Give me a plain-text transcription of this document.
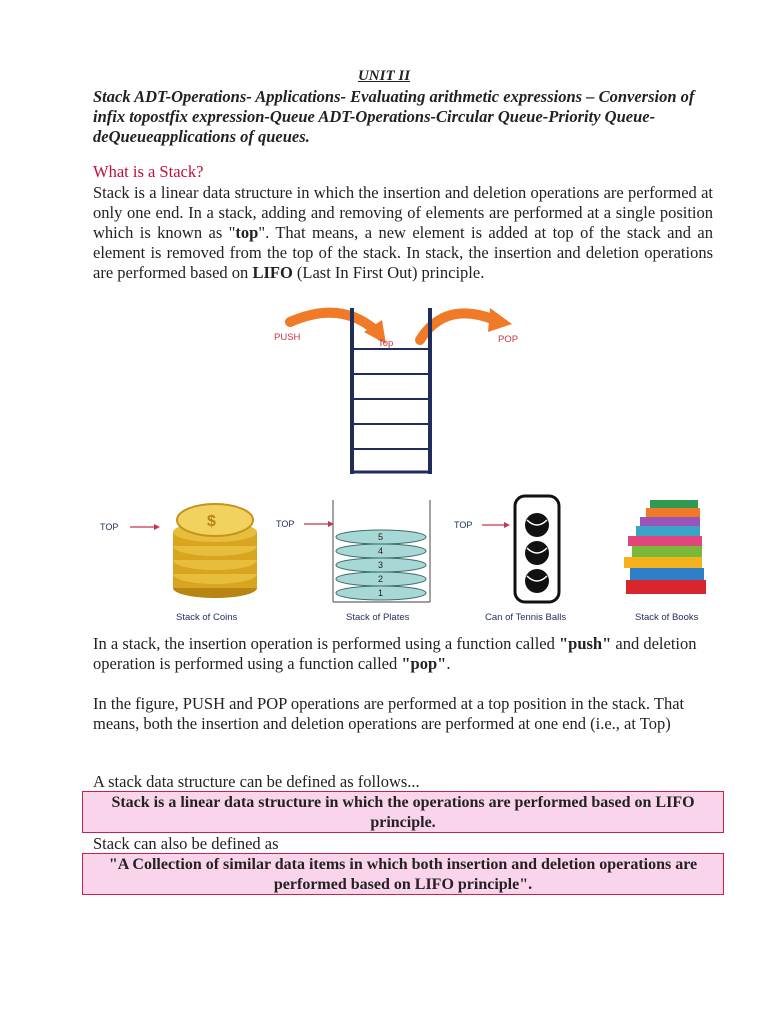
UNIT II
Stack ADT-Operations- Applications- Evaluating arithmetic expressions – Conversion of infix topostfix expression-Queue ADT-Operations-Circular Queue-Priority Queue- deQueueapplications of queues.
What is a Stack?
Stack is a linear data structure in which the insertion and deletion operations are performed at only one end. In a stack, adding and removing of elements are performed at a single position which is known as "top". That means, a new element is added at top of the stack and an element is removed from the top of the stack. In stack, the insertion and deletion operations are performed based on LIFO (Last In First Out) principle.
PUSH
Top	POP
TOP	$
Stack of Coins
TOP
5
4
3
2
1
Stack of Plates
TOP
Can of Tennis Balls	Stack of Books
In a stack, the insertion operation is performed using a function called "push" and deletion operation is performed using a function called "pop".
In the figure, PUSH and POP operations are performed at a top position in the stack. That means, both the insertion and deletion operations are performed at one end (i.e., at Top)
A stack data structure can be defined as follows...
Stack is a linear data structure in which the operations are performed based on LIFO principle.
Stack can also be defined as
"A Collection of similar data items in which both insertion and deletion operations are performed based on LIFO principle".
